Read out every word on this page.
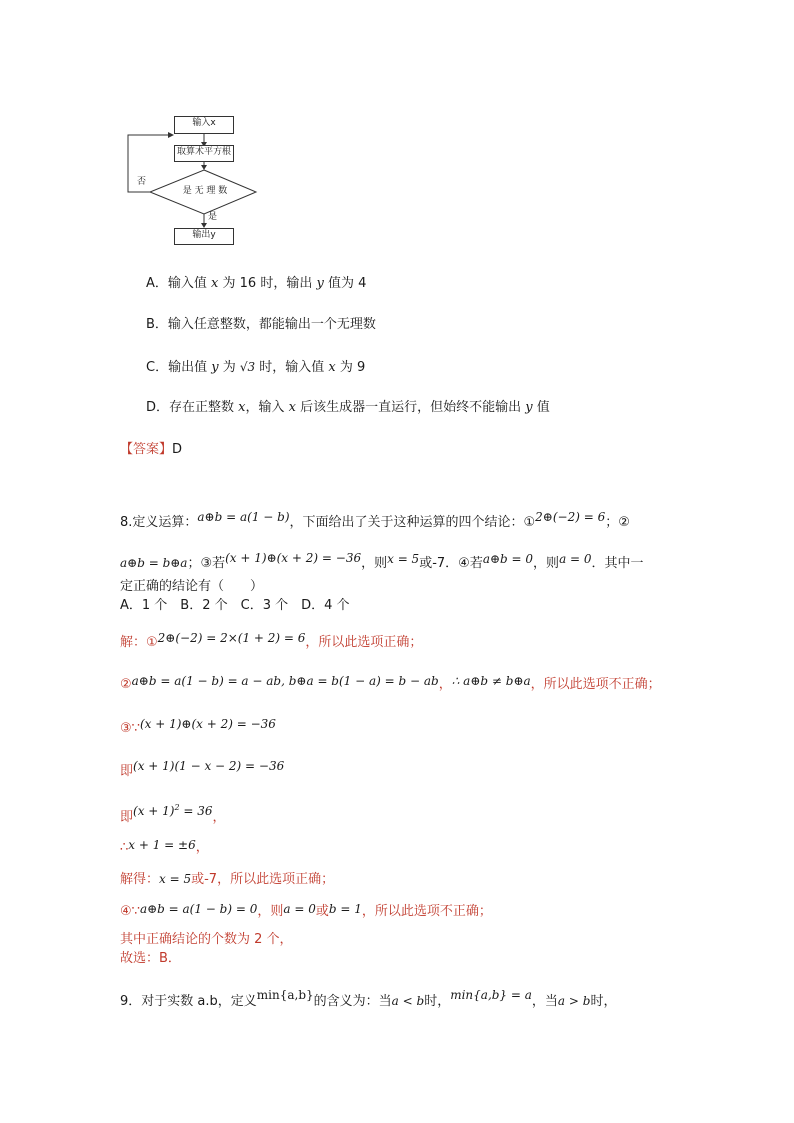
输入x
取算术平方根
是 无 理 数
输出y
否
是
A．输入值 x 为 16 时，输出 y 值为 4
B．输入任意整数，都能输出一个无理数
C．输出值 y 为 √3 时，输入值 x 为 9
D．存在正整数 x，输入 x 后该生成器一直运行，但始终不能输出 y 值
【答案】D
8.定义运算：a⊕b = a(1 − b)，下面给出了关于这种运算的四个结论：①2⊕(−2) = 6；②
a⊕b = b⊕a；③若(x + 1)⊕(x + 2) = −36，则x = 5或-7．④若a⊕b = 0，则a = 0．其中一
定正确的结论有（　　）
A．1 个　B．2 个　C．3 个　D．4 个
解：①2⊕(−2) = 2×(1 + 2) = 6，所以此选项正确；
②a⊕b = a(1 − b) = a − ab, b⊕a = b(1 − a) = b − ab，∴ a⊕b ≠ b⊕a，所以此选项不正确；
③∵(x + 1)⊕(x + 2) = −36
即(x + 1)(1 − x − 2) = −36
即$(x + 1)^2 = 36$，
∴x + 1 = ±6，
解得：x = 5或-7，所以此选项正确；
④∵a⊕b = a(1 − b) = 0，则a = 0或b = 1，所以此选项不正确；
其中正确结论的个数为 2 个，
故选：B．
9．对于实数 a.b，定义min{a,b}的含义为：当a < b时，min{a,b} = a，当a > b时，
